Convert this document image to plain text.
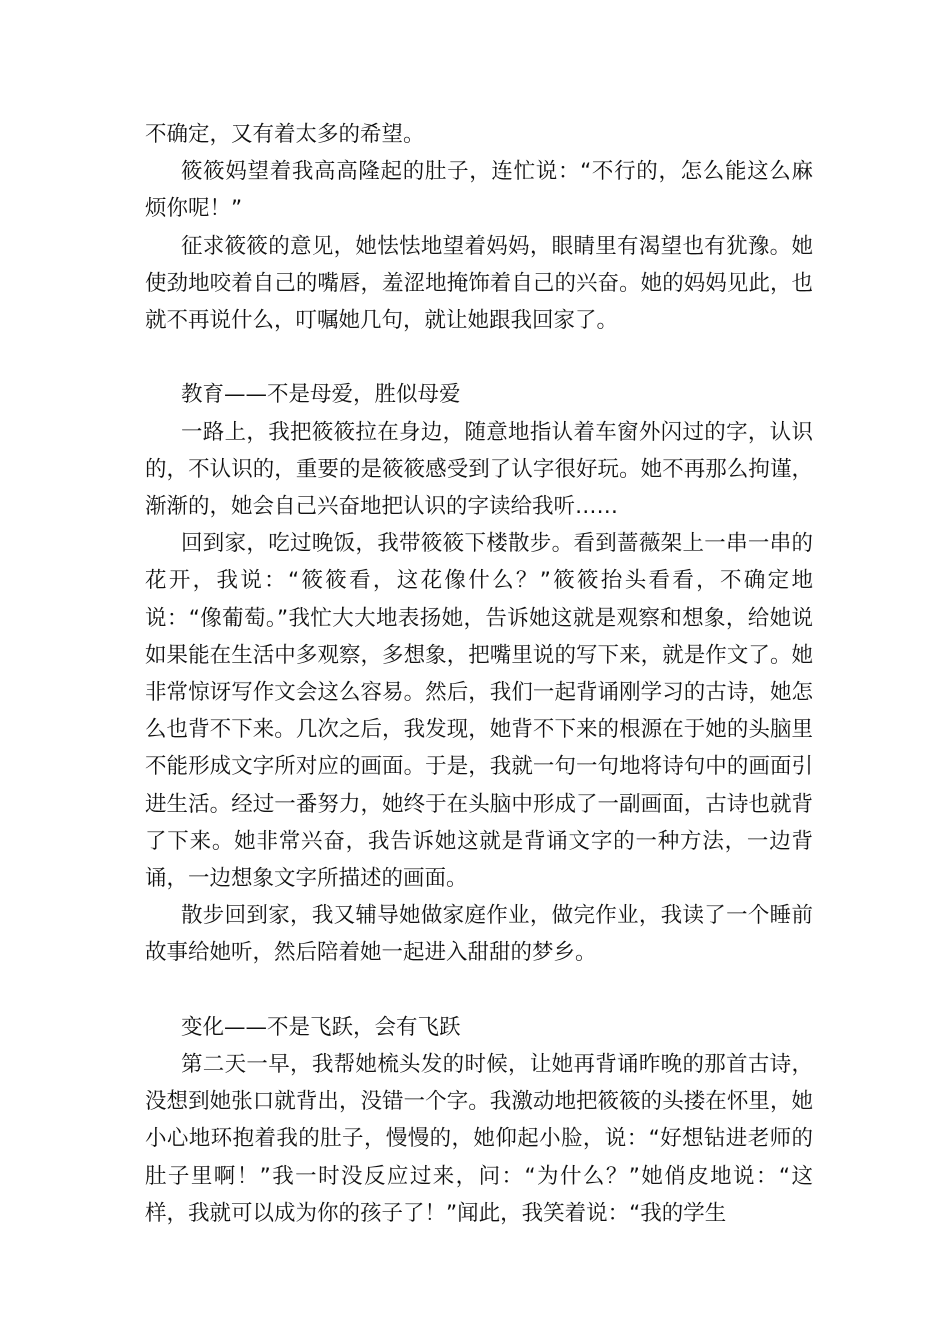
不确定，又有着太多的希望。

筱筱妈望着我高高隆起的肚子，连忙说：“不行的，怎么能这么麻烦你呢！”

征求筱筱的意见，她怯怯地望着妈妈，眼睛里有渴望也有犹豫。她使劲地咬着自己的嘴唇，羞涩地掩饰着自己的兴奋。她的妈妈见此，也就不再说什么，叮嘱她几句，就让她跟我回家了。

教育——不是母爱，胜似母爱

一路上，我把筱筱拉在身边，随意地指认着车窗外闪过的字，认识的，不认识的，重要的是筱筱感受到了认字很好玩。她不再那么拘谨，渐渐的，她会自己兴奋地把认识的字读给我听……

回到家，吃过晚饭，我带筱筱下楼散步。看到蔷薇架上一串一串的花开，我说：“筱筱看，这花像什么？”筱筱抬头看看，不确定地说：“像葡萄。”我忙大大地表扬她，告诉她这就是观察和想象，给她说如果能在生活中多观察，多想象，把嘴里说的写下来，就是作文了。她非常惊讶写作文会这么容易。然后，我们一起背诵刚学习的古诗，她怎么也背不下来。几次之后，我发现，她背不下来的根源在于她的头脑里不能形成文字所对应的画面。于是，我就一句一句地将诗句中的画面引进生活。经过一番努力，她终于在头脑中形成了一副画面，古诗也就背了下来。她非常兴奋，我告诉她这就是背诵文字的一种方法，一边背诵，一边想象文字所描述的画面。

散步回到家，我又辅导她做家庭作业，做完作业，我读了一个睡前故事给她听，然后陪着她一起进入甜甜的梦乡。

变化——不是飞跃，会有飞跃

第二天一早，我帮她梳头发的时候，让她再背诵昨晚的那首古诗，没想到她张口就背出，没错一个字。我激动地把筱筱的头搂在怀里，她小心地环抱着我的肚子，慢慢的，她仰起小脸，说：“好想钻进老师的肚子里啊！”我一时没反应过来，问：“为什么？”她俏皮地说：“这样，我就可以成为你的孩子了！”闻此，我笑着说：“我的学生
